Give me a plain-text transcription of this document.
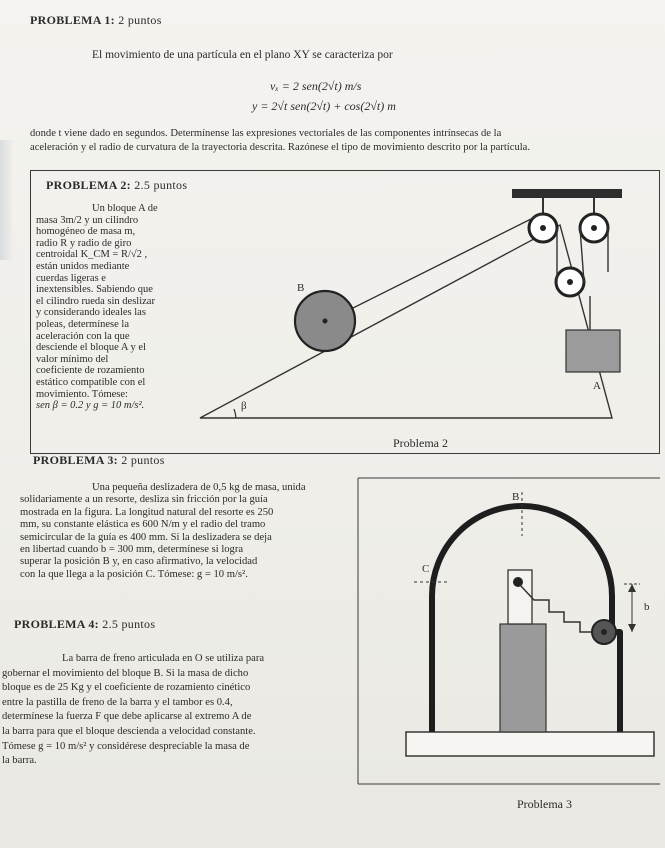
PROBLEMA 1: 2 puntos

El movimiento de una partícula en el plano XY se caracteriza por

vₓ = 2 sen(2√t) m/s
y = 2√t sen(2√t) + cos(2√t) m

donde t viene dado en segundos. Determínense las expresiones vectoriales de las componentes intrínsecas de la

aceleración y el radio de curvatura de la trayectoria descrita. Razónese el tipo de movimiento descrito por la partícula.

PROBLEMA 2: 2.5 puntos
Un bloque A de
masa 3m/2 y un cilindro
homogéneo de masa m,
radio R y radio de giro
centroidal K_CM = R/√2 ,
están unidos mediante
cuerdas ligeras e
inextensibles. Sabiendo que
el cilindro rueda sin deslizar
y considerando ideales las
poleas, determínese la
aceleración con la que
desciende el bloque A y el
valor mínimo del
coeficiente de rozamiento
estático compatible con el
movimiento. Tómese:
sen β = 0.2 y g = 10 m/s².
B
A
β
Problema 2
PROBLEMA 3: 2 puntos
Una pequeña deslizadera de 0,5 kg de masa, unida
solidariamente a un resorte, desliza sin fricción por la guía
mostrada en la figura. La longitud natural del resorte es 250
mm, su constante elástica es 600 N/m y el radio del tramo
semicircular de la guía es 400 mm. Si la deslizadera se deja
en libertad cuando b = 300 mm, determínese si logra
superar la posición B y, en caso afirmativo, la velocidad
con la que llega a la posición C. Tómese: g = 10 m/s².
B
C
b
Problema 3
PROBLEMA 4: 2.5 puntos
La barra de freno articulada en O se utiliza para
gobernar el movimiento del bloque B. Si la masa de dicho
bloque es de 25 Kg y el coeficiente de rozamiento cinético
entre la pastilla de freno de la barra y el tambor es 0.4,
determínese la fuerza F que debe aplicarse al extremo A de
la barra para que el bloque descienda a velocidad constante.
Tómese g = 10 m/s² y considérese despreciable la masa de
la barra.
